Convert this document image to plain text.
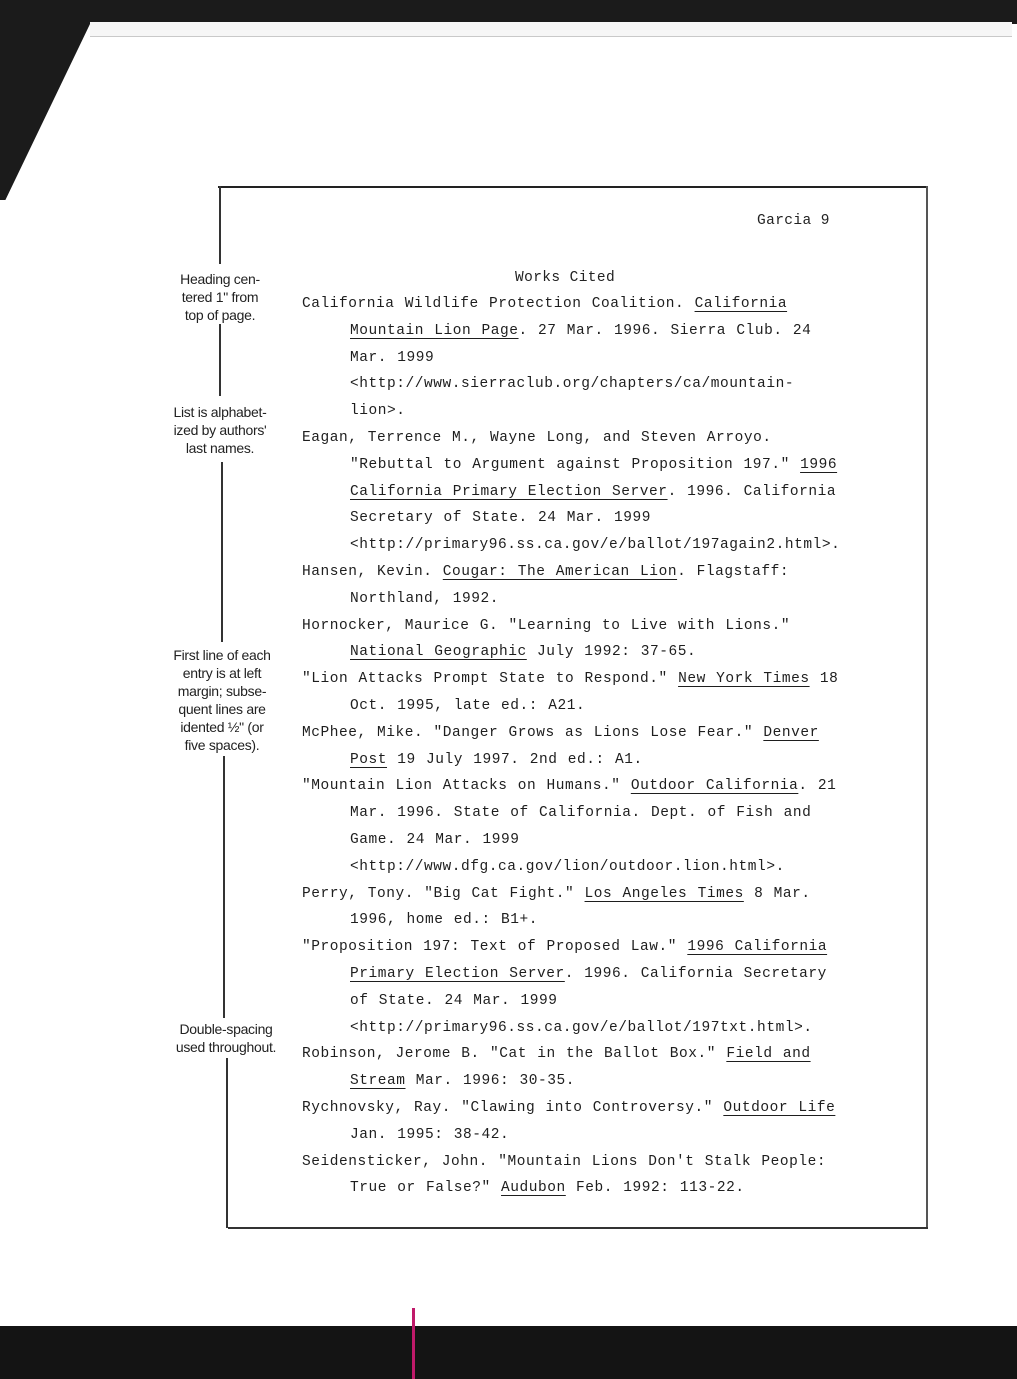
Heading cen-
tered 1" from
top of page.
List is alphabet-
ized by authors'
last names.
First line of each
entry is at left
margin; subse-
quent lines are
idented ½" (or
five spaces).
Double-spacing
used throughout.
Garcia 9
Works Cited
California Wildlife Protection Coalition. California Mountain Lion Page. 27 Mar. 1996. Sierra Club. 24 Mar. 1999 <http://www.sierraclub.org/chapters/ca/mountain-lion>.
Eagan, Terrence M., Wayne Long, and Steven Arroyo. "Rebuttal to Argument against Proposition 197." 1996 California Primary Election Server. 1996. California Secretary of State. 24 Mar. 1999 <http://primary96.ss.ca.gov/e/ballot/197again2.html>.
Hansen, Kevin. Cougar: The American Lion. Flagstaff: Northland, 1992.
Hornocker, Maurice G. "Learning to Live with Lions." National Geographic July 1992: 37-65.
"Lion Attacks Prompt State to Respond." New York Times 18 Oct. 1995, late ed.: A21.
McPhee, Mike. "Danger Grows as Lions Lose Fear." Denver Post 19 July 1997. 2nd ed.: A1.
"Mountain Lion Attacks on Humans." Outdoor California. 21 Mar. 1996. State of California. Dept. of Fish and Game. 24 Mar. 1999 <http://www.dfg.ca.gov/lion/outdoor.lion.html>.
Perry, Tony. "Big Cat Fight." Los Angeles Times 8 Mar. 1996, home ed.: B1+.
"Proposition 197: Text of Proposed Law." 1996 California Primary Election Server. 1996. California Secretary of State. 24 Mar. 1999 <http://primary96.ss.ca.gov/e/ballot/197txt.html>.
Robinson, Jerome B. "Cat in the Ballot Box." Field and Stream Mar. 1996: 30-35.
Rychnovsky, Ray. "Clawing into Controversy." Outdoor Life Jan. 1995: 38-42.
Seidensticker, John. "Mountain Lions Don't Stalk People: True or False?" Audubon Feb. 1992: 113-22.
